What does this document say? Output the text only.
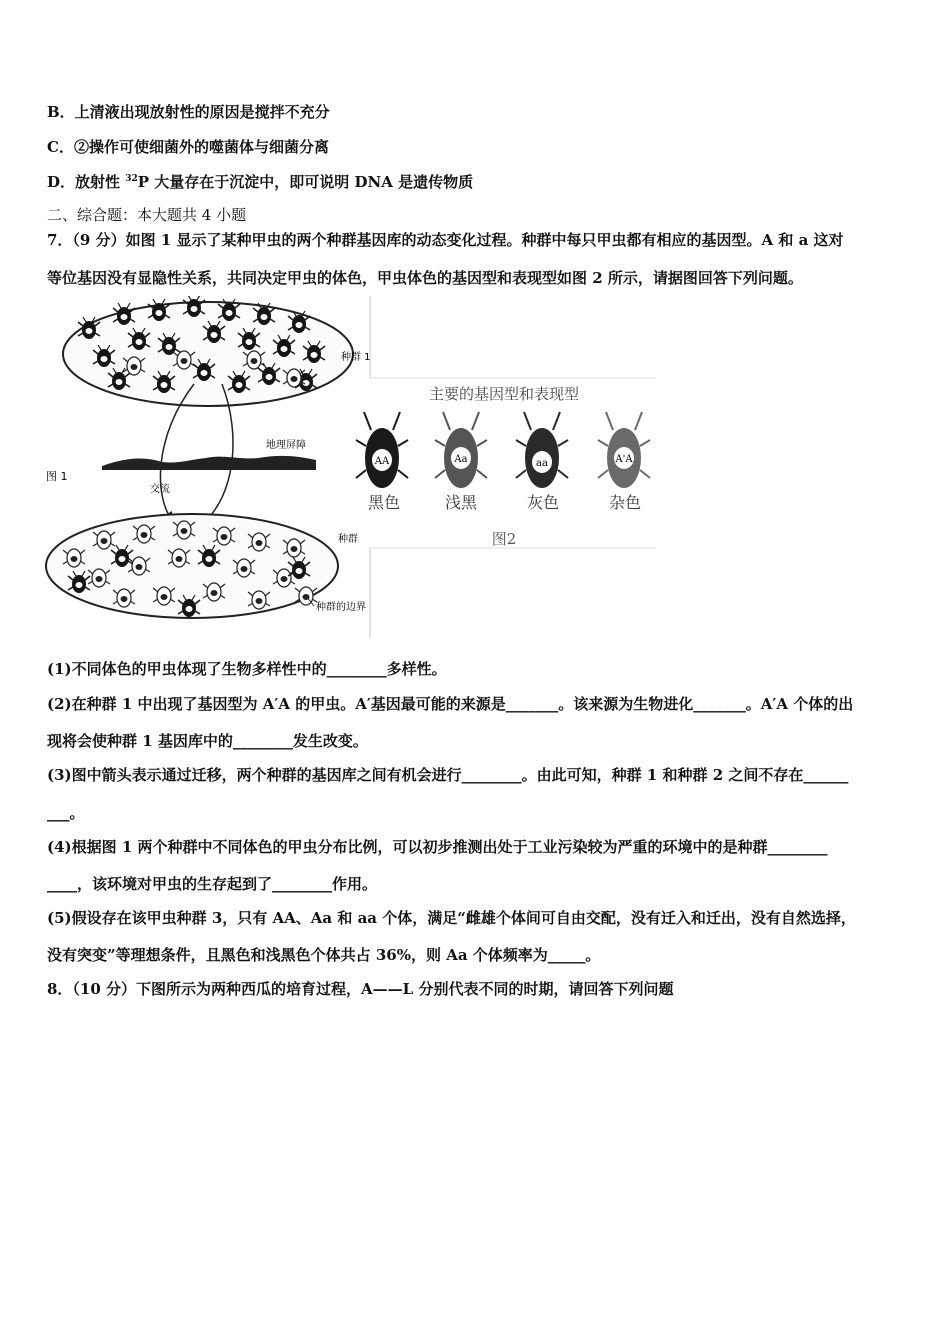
B．上清液出现放射性的原因是搅拌不充分
C．②操作可使细菌外的噬菌体与细菌分离
D．放射性 $^{32}$P 大量存在于沉淀中，即可说明 DNA 是遗传物质
二、综合题：本大题共 4 小题
7．（9 分）如图 1 显示了某种甲虫的两个种群基因库的动态变化过程。种群中每只甲虫都有相应的基因型。A 和 a 这对
等位基因没有显隐性关系，共同决定甲虫的体色，甲虫体色的基因型和表现型如图 2 所示，请据图回答下列问题。
种群 1
地理屏障
图 1
交流
种群
种群的边界
主要的基因型和表现型
AA	Aa	aa	A'A
黑色	浅黑	灰色	杂色
图2
(1)不同体色的甲虫体现了生物多样性中的________多样性。
(2)在种群 1 中出现了基因型为 A′A 的甲虫。A′基因最可能的来源是_______。该来源为生物进化_______。A′A 个体的出
现将会使种群 1 基因库中的________发生改变。
(3)图中箭头表示通过迁移，两个种群的基因库之间有机会进行________。由此可知，种群 1 和种群 2 之间不存在______
___。
(4)根据图 1 两个种群中不同体色的甲虫分布比例，可以初步推测出处于工业污染较为严重的环境中的是种群________
____，该环境对甲虫的生存起到了________作用。
(5)假设存在该甲虫种群 3，只有 AA、Aa 和 aa 个体，满足“雌雄个体间可自由交配，没有迁入和迁出，没有自然选择，
没有突变”等理想条件，且黑色和浅黑色个体共占 36%，则 Aa 个体频率为_____。
8．（10 分）下图所示为两种西瓜的培育过程，A——L 分别代表不同的时期，请回答下列问题
